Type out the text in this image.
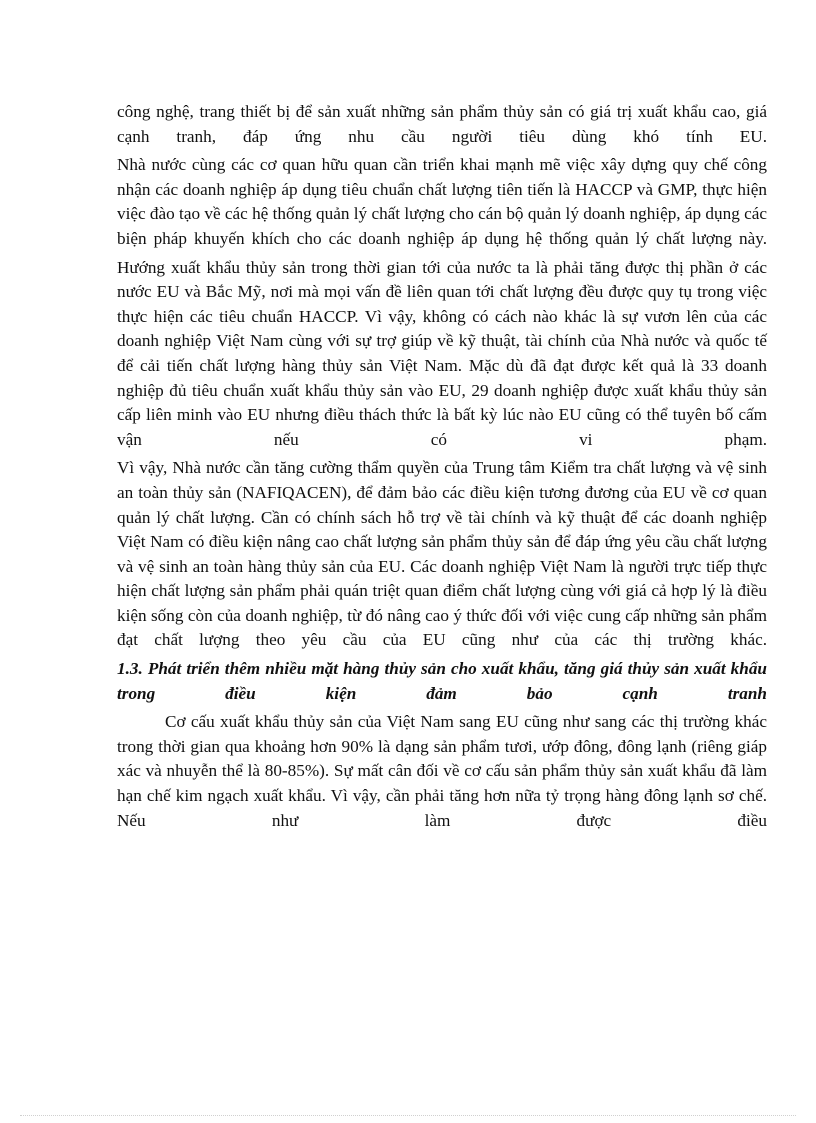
công nghệ, trang thiết bị để sản xuất những sản phẩm thủy sản có giá trị xuất khẩu cao, giá cạnh tranh, đáp ứng nhu cầu người tiêu dùng khó tính EU.

Nhà nước cùng các cơ quan hữu quan cần triển khai mạnh mẽ việc xây dựng quy chế công nhận các doanh nghiệp áp dụng tiêu chuẩn chất lượng tiên tiến là HACCP và GMP, thực hiện việc đào tạo về các hệ thống quản lý chất lượng cho cán bộ quản lý doanh nghiệp, áp dụng các biện pháp khuyến khích cho các doanh nghiệp áp dụng hệ thống quản lý chất lượng này.

Hướng xuất khẩu thủy sản trong thời gian tới của nước ta là phải tăng được thị phần ở các nước EU và Bắc Mỹ, nơi mà mọi vấn đề liên quan tới chất lượng đều được quy tụ trong việc thực hiện các tiêu chuẩn HACCP. Vì vậy, không có cách nào khác là sự vươn lên của các doanh nghiệp Việt Nam cùng với sự trợ giúp về kỹ thuật, tài chính của Nhà nước và quốc tế để cải tiến chất lượng hàng thủy sản Việt Nam. Mặc dù đã đạt được kết quả là 33 doanh nghiệp đủ tiêu chuẩn xuất khẩu thủy sản vào EU, 29 doanh nghiệp được xuất khẩu thủy sản cấp liên minh vào EU nhưng điều thách thức là bất kỳ lúc nào EU cũng có thể tuyên bố cấm vận nếu có vi phạm.

Vì vậy, Nhà nước cần tăng cường thẩm quyền của Trung tâm Kiểm tra chất lượng và vệ sinh an toàn thủy sản (NAFIQACEN), để đảm bảo các điều kiện tương đương của EU về cơ quan quản lý chất lượng. Cần có chính sách hỗ trợ về tài chính và kỹ thuật để các doanh nghiệp Việt Nam có điều kiện nâng cao chất lượng sản phẩm thủy sản để đáp ứng yêu cầu chất lượng và vệ sinh an toàn hàng thủy sản của EU. Các doanh nghiệp Việt Nam là người trực tiếp thực hiện chất lượng sản phẩm phải quán triệt quan điểm chất lượng cùng với giá cả hợp lý là điều kiện sống còn của doanh nghiệp, từ đó nâng cao ý thức đối với việc cung cấp những sản phẩm đạt chất lượng theo yêu cầu của EU cũng như của các thị trường khác.

1.3. Phát triển thêm nhiều mặt hàng thủy sản cho xuất khẩu, tăng giá thủy sản xuất khẩu trong điều kiện đảm bảo cạnh tranh

Cơ cấu xuất khẩu thủy sản của Việt Nam sang EU cũng như sang các thị trường khác trong thời gian qua khoảng hơn 90% là dạng sản phẩm tươi, ướp đông, đông lạnh (riêng giáp xác và nhuyễn thể là 80-85%). Sự mất cân đối về cơ cấu sản phẩm thủy sản xuất khẩu đã làm hạn chế kim ngạch xuất khẩu. Vì vậy, cần phải tăng hơn nữa tỷ trọng hàng đông lạnh sơ chế. Nếu như làm được điều
